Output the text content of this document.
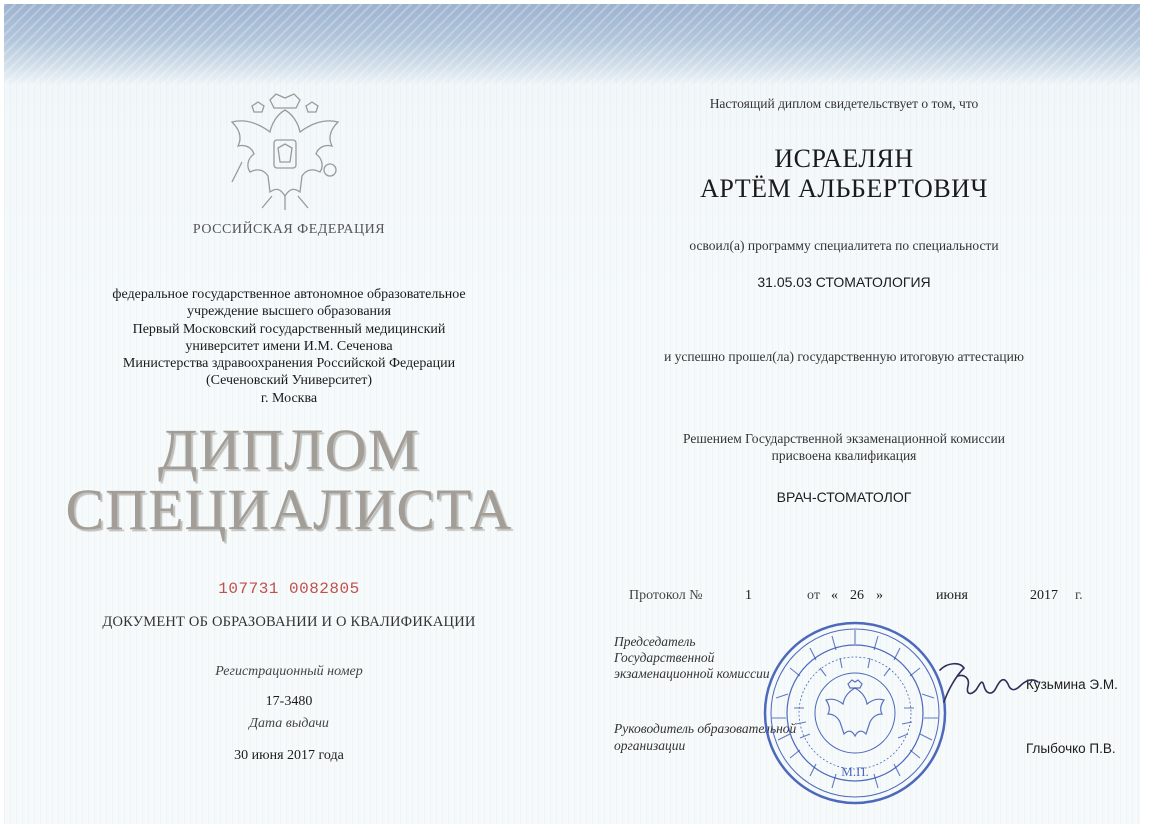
РОССИЙСКАЯ ФЕДЕРАЦИЯ
федеральное государственное автономное образовательное
учреждение высшего образования
Первый Московский государственный медицинский
университет имени И.М. Сеченова
Министерства здравоохранения Российской Федерации
(Сеченовский Университет)
г. Москва
ДИПЛОМ
СПЕЦИАЛИСТА
107731 0082805
ДОКУМЕНТ ОБ ОБРАЗОВАНИИ И О КВАЛИФИКАЦИИ
Регистрационный номер
17-3480
Дата выдачи
30 июня 2017 года
Настоящий диплом свидетельствует о том, что
ИСРАЕЛЯН
АРТЁМ АЛЬБЕРТОВИЧ
освоил(а) программу специалитета по специальности
31.05.03 СТОМАТОЛОГИЯ
и успешно прошел(ла) государственную итоговую аттестацию
Решением Государственной экзаменационной комиссии
присвоена квалификация
ВРАЧ-СТОМАТОЛОГ
Протокол №	1	от « 26 »	июня	2017 г.
Председатель
Государственной
экзаменационной комиссии
Кузьмина Э.М.
Руководитель образовательной
организации	Глыбочко П.В.
М.П.
